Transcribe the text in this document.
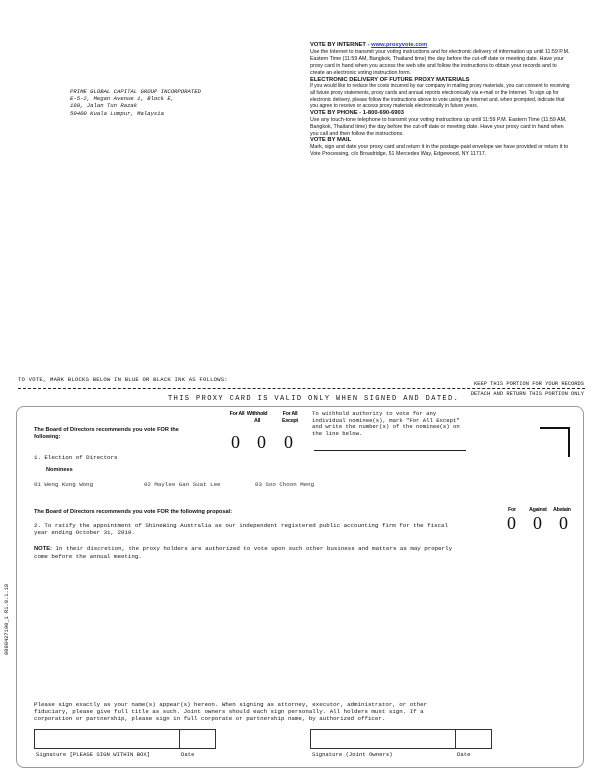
PRIME GLOBAL CAPITAL GROUP INCORPORATED
E-5-2, Megan Avenue 1, Block E,
189, Jalan Tun Razak
50400 Kuala Lumpur, Malaysia

VOTE BY INTERNET - www.proxyvote.com

Use the Internet to transmit your voting instructions and for electronic delivery of information up until 11:59 P.M. Eastern Time (11:59 AM, Bangkok, Thailand time) the day before the cut-off date or meeting date. Have your proxy card in hand when you access the web site and follow the instructions to obtain your records and to create an electronic voting instruction form.

ELECTRONIC DELIVERY OF FUTURE PROXY MATERIALS

If you would like to reduce the costs incurred by our company in mailing proxy materials, you can consent to receiving all future proxy statements, proxy cards and annual reports electronically via e-mail or the Internet. To sign up for electronic delivery, please follow the instructions above to vote using the Internet and, when prompted, indicate that you agree to receive or access proxy materials electronically in future years.

VOTE BY PHONE - 1-800-690-6903

Use any touch-tone telephone to transmit your voting instructions up until 11:59 P.M. Eastern Time (11:59 AM, Bangkok, Thailand time) the day before the cut-off date or meeting date. Have your proxy card in hand when you call and then follow the instructions.

VOTE BY MAIL

Mark, sign and date your proxy card and return it in the postage-paid envelope we have provided or return it to Vote Processing, c/o Broadridge, 51 Mercedes Way, Edgewood, NY 11717.

TO VOTE, MARK BLOCKS BELOW IN BLUE OR BLACK INK AS FOLLOWS:
KEEP THIS PORTION FOR YOUR RECORDS
DETACH AND RETURN THIS PORTION ONLY
THIS PROXY CARD IS VALID ONLY WHEN SIGNED AND DATED.
The Board of Directors recommends you vote FOR the following:
For All Withhold All
For All Except
0 0 0
To withhold authority to vote for any individual nominee(s), mark "For All Except" and write the number(s) of the nominee(s) on the line below.
1. Election of Directors
Nominees
01 Weng Kung Wong	02 Maylee Gan Suat Lee	03 Soo Choon Meng
The Board of Directors recommends you vote FOR the following proposal:	For Against Abstain
0 0 0
2. To ratify the appointment of ShineWing Australia as our independent registered public accounting firm for the fiscal year ending October 31, 2019.
NOTE: In their discretion, the proxy holders are authorized to vote upon such other business and matters as may properly come before the annual meeting.
Please sign exactly as your name(s) appear(s) hereon. When signing as attorney, executor, administrator, or other fiduciary, please give full title as such. Joint owners should each sign personally. All holders must sign. If a corporation or partnership, please sign in full corporate or partnership name, by authorized officer.
Signature [PLEASE SIGN WITHIN BOX]	Date	Signature (Joint Owners)	Date
0000427190_1 R1.0.1.18
